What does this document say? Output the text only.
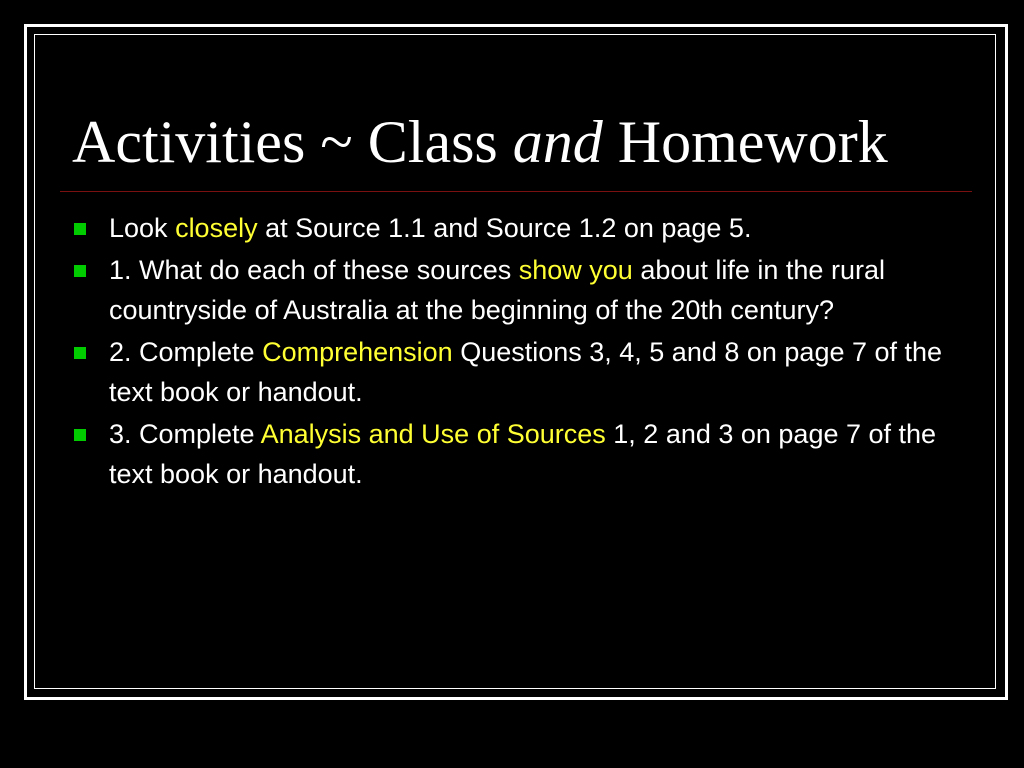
Activities ~ Class and Homework
Look closely at Source 1.1 and Source 1.2 on page 5.
1. What do each of these sources show you about life in the rural countryside of Australia at the beginning of the 20th century?
2. Complete Comprehension Questions 3, 4, 5 and 8 on page 7 of the text book or handout.
3. Complete Analysis and Use of Sources 1, 2 and 3 on page 7 of the text book or handout.
